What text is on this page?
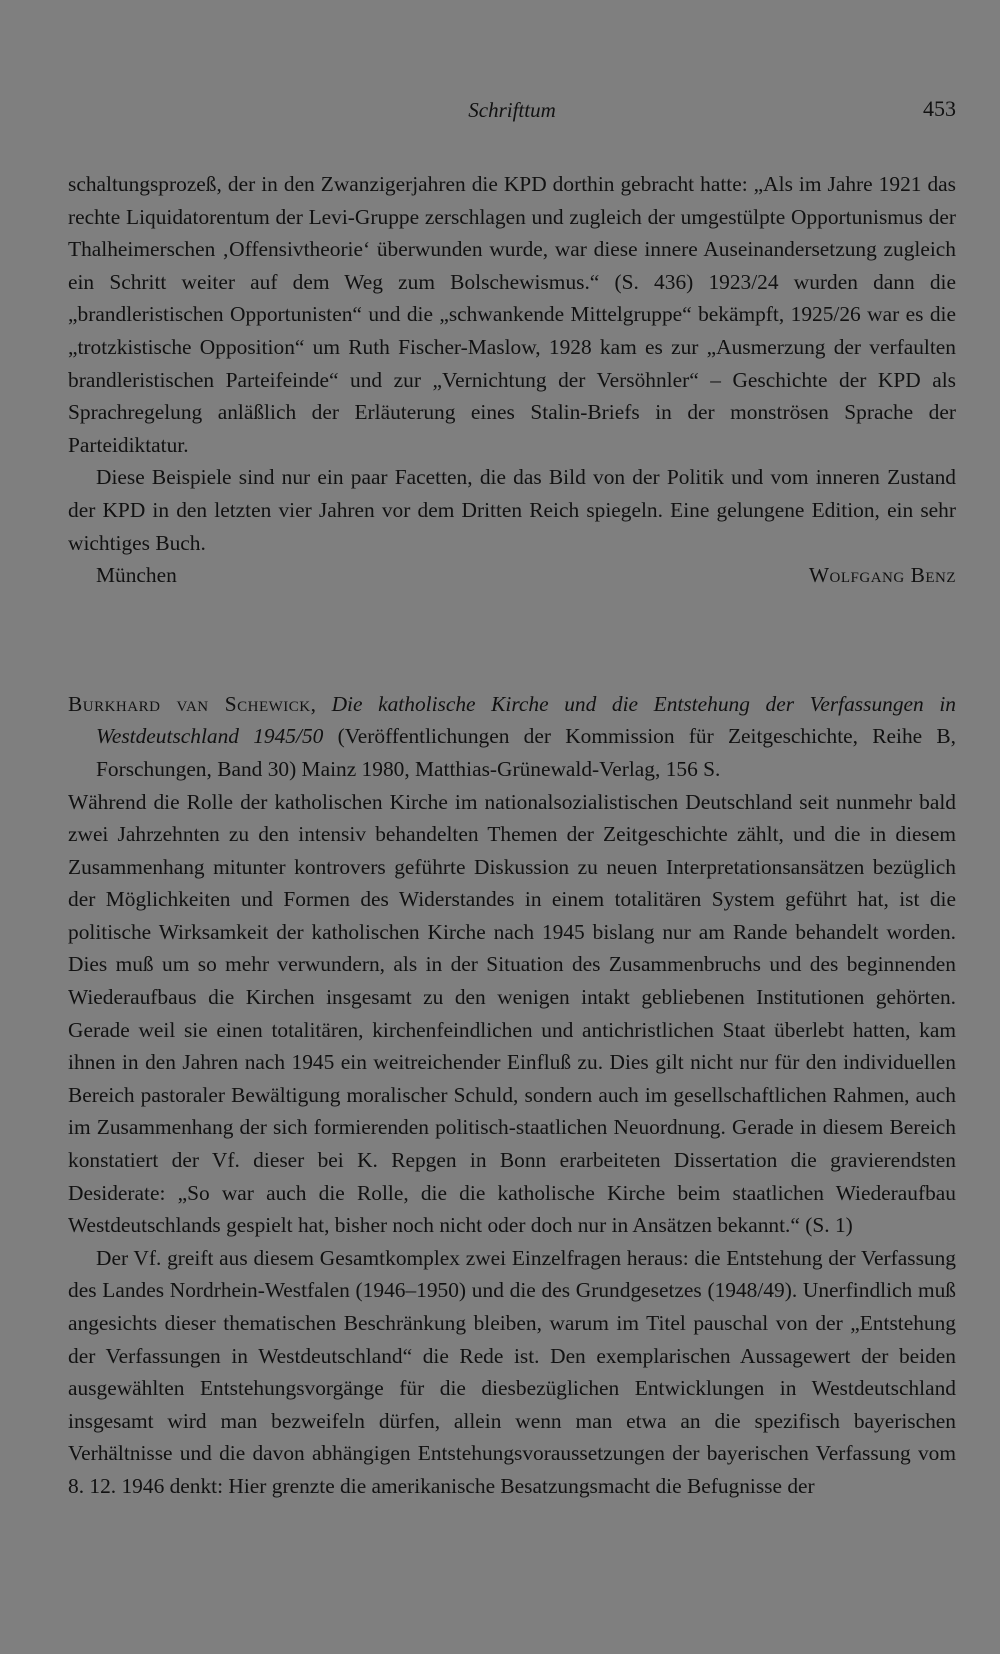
Schrifttum	453

schaltungsprozeß, der in den Zwanzigerjahren die KPD dorthin gebracht hatte: „Als im Jahre 1921 das rechte Liquidatorentum der Levi-Gruppe zerschlagen und zugleich der umgestülpte Opportunismus der Thalheimerschen ‚Offensivtheorie‘ überwunden wurde, war diese innere Auseinandersetzung zugleich ein Schritt weiter auf dem Weg zum Bolschewismus.“ (S. 436) 1923/24 wurden dann die „brandleristischen Opportunisten“ und die „schwankende Mittelgruppe“ bekämpft, 1925/26 war es die „trotzkistische Opposition“ um Ruth Fischer-Maslow, 1928 kam es zur „Ausmerzung der verfaulten brandleristischen Parteifeinde“ und zur „Vernichtung der Versöhnler“ – Geschichte der KPD als Sprachregelung anläßlich der Erläuterung eines Stalin-Briefs in der monströsen Sprache der Parteidiktatur.

Diese Beispiele sind nur ein paar Facetten, die das Bild von der Politik und vom inneren Zustand der KPD in den letzten vier Jahren vor dem Dritten Reich spiegeln. Eine gelungene Edition, ein sehr wichtiges Buch.

München	Wolfgang Benz

Burkhard van Schewick, Die katholische Kirche und die Entstehung der Verfassungen in Westdeutschland 1945/50 (Veröffentlichungen der Kommission für Zeitgeschichte, Reihe B, Forschungen, Band 30) Mainz 1980, Matthias-Grünewald-Verlag, 156 S.

Während die Rolle der katholischen Kirche im nationalsozialistischen Deutschland seit nunmehr bald zwei Jahrzehnten zu den intensiv behandelten Themen der Zeitgeschichte zählt, und die in diesem Zusammenhang mitunter kontrovers geführte Diskussion zu neuen Interpretationsansätzen bezüglich der Möglichkeiten und Formen des Widerstandes in einem totalitären System geführt hat, ist die politische Wirksamkeit der katholischen Kirche nach 1945 bislang nur am Rande behandelt worden. Dies muß um so mehr verwundern, als in der Situation des Zusammenbruchs und des beginnenden Wiederaufbaus die Kirchen insgesamt zu den wenigen intakt gebliebenen Institutionen gehörten. Gerade weil sie einen totalitären, kirchenfeindlichen und antichristlichen Staat überlebt hatten, kam ihnen in den Jahren nach 1945 ein weitreichender Einfluß zu. Dies gilt nicht nur für den individuellen Bereich pastoraler Bewältigung moralischer Schuld, sondern auch im gesellschaftlichen Rahmen, auch im Zusammenhang der sich formierenden politisch-staatlichen Neuordnung. Gerade in diesem Bereich konstatiert der Vf. dieser bei K. Repgen in Bonn erarbeiteten Dissertation die gravierendsten Desiderate: „So war auch die Rolle, die die katholische Kirche beim staatlichen Wiederaufbau Westdeutschlands gespielt hat, bisher noch nicht oder doch nur in Ansätzen bekannt.“ (S. 1)

Der Vf. greift aus diesem Gesamtkomplex zwei Einzelfragen heraus: die Entstehung der Verfassung des Landes Nordrhein-Westfalen (1946–1950) und die des Grundgesetzes (1948/49). Unerfindlich muß angesichts dieser thematischen Beschränkung bleiben, warum im Titel pauschal von der „Entstehung der Verfassungen in Westdeutschland“ die Rede ist. Den exemplarischen Aussagewert der beiden ausgewählten Entstehungsvorgänge für die diesbezüglichen Entwicklungen in Westdeutschland insgesamt wird man bezweifeln dürfen, allein wenn man etwa an die spezifisch bayerischen Verhältnisse und die davon abhängigen Entstehungsvoraussetzungen der bayerischen Verfassung vom 8. 12. 1946 denkt: Hier grenzte die amerikanische Besatzungsmacht die Befugnisse der
